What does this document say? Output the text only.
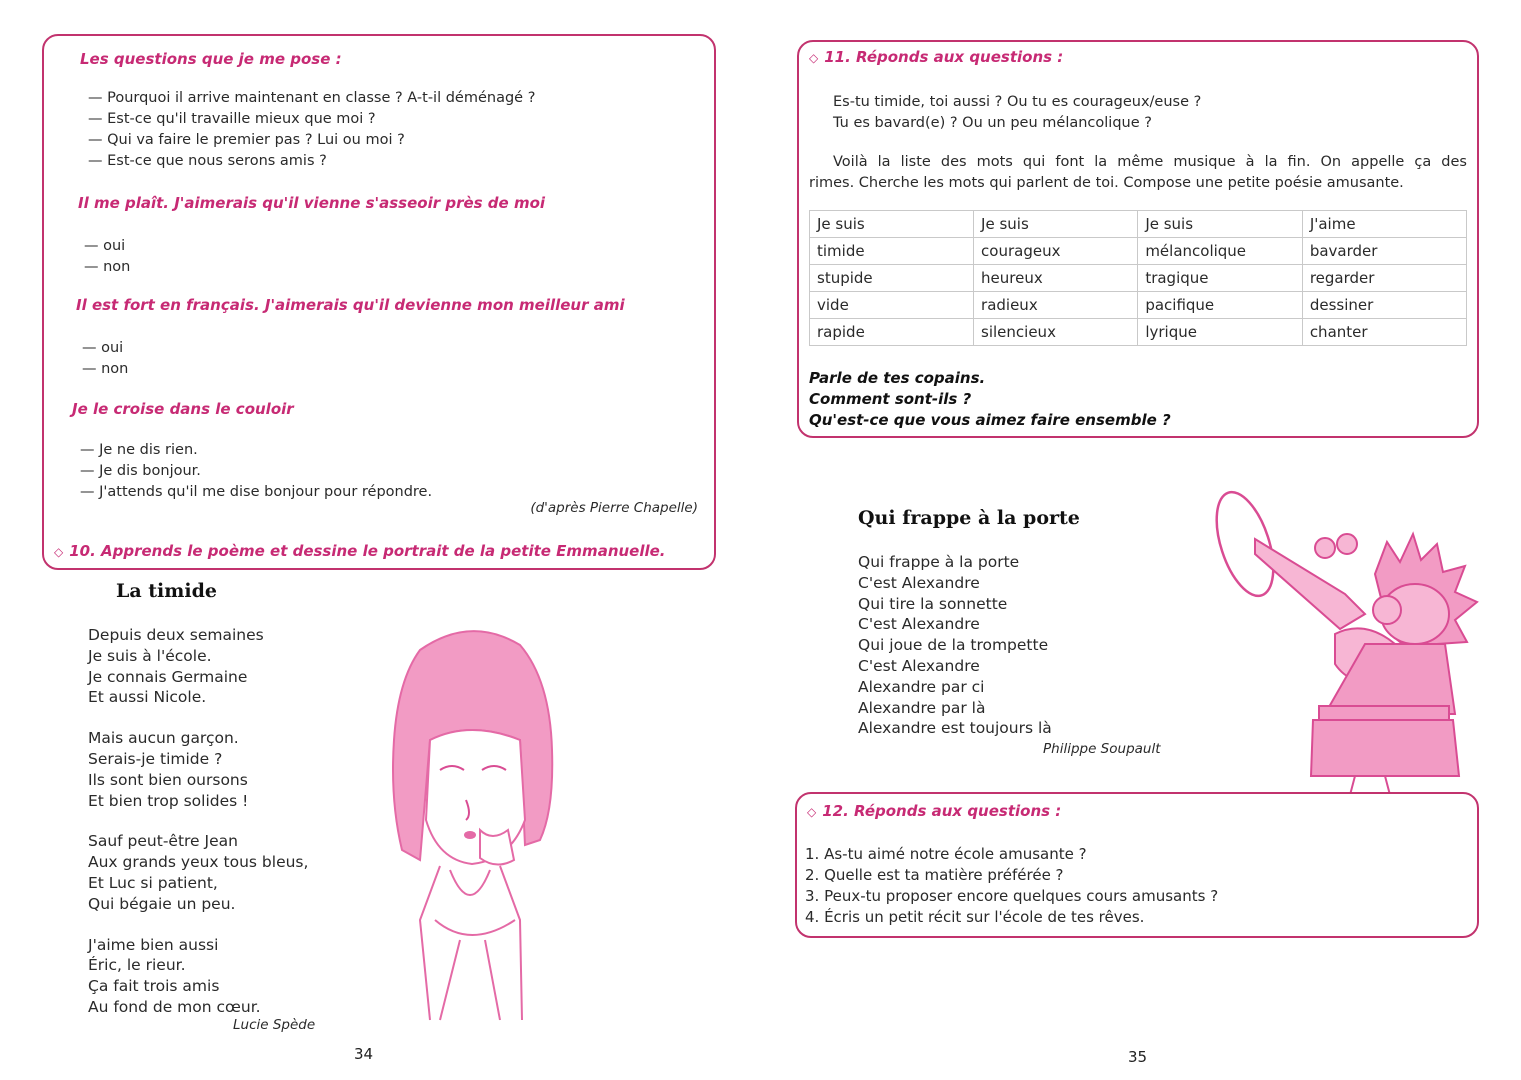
Les questions que je me pose :
— Pourquoi il arrive maintenant en classe ? A-t-il déménagé ?
— Est-ce qu'il travaille mieux que moi ?
— Qui va faire le premier pas ? Lui ou moi ?
— Est-ce que nous serons amis ?
Il me plaît. J'aimerais qu'il vienne s'asseoir près de moi
— oui
— non
Il est fort en français. J'aimerais qu'il devienne mon meilleur ami
— oui
— non
Je le croise dans le couloir
— Je ne dis rien.
— Je dis bonjour.
— J'attends qu'il me dise bonjour pour répondre.
(d'après Pierre Chapelle)
◇ 10. Apprends le poème et dessine le portrait de la petite Emmanuelle.
La timide
Depuis deux semaines
Je suis à l'école.
Je connais Germaine
Et aussi Nicole.
Mais aucun garçon.
Serais-je timide ?
Ils sont bien oursons
Et bien trop solides !
Sauf peut-être Jean
Aux grands yeux tous bleus,
Et Luc si patient,
Qui bégaie un peu.
J'aime bien aussi
Éric, le rieur.
Ça fait trois amis
Au fond de mon cœur.
Lucie Spède
34
◇ 11. Réponds aux questions :
Es-tu timide, toi aussi ? Ou tu es courageux/euse ?
Tu es bavard(e) ? Ou un peu mélancolique ?
Voilà la liste des mots qui font la même musique à la fin. On appelle ça des
rimes. Cherche les mots qui parlent de toi. Compose une petite poésie amusante.
Je suis	Je suis	Je suis	J'aime
timide	courageux	mélancolique	bavarder
stupide	heureux	tragique	regarder
vide	radieux	pacifique	dessiner
rapide	silencieux	lyrique	chanter
Parle de tes copains.
Comment sont-ils ?
Qu'est-ce que vous aimez faire ensemble ?
Qui frappe à la porte
Qui frappe à la porte
C'est Alexandre
Qui tire la sonnette
C'est Alexandre
Qui joue de la trompette
C'est Alexandre
Alexandre par ci
Alexandre par là
Alexandre est toujours là
Philippe Soupault
◇ 12. Réponds aux questions :
1. As-tu aimé notre école amusante ?
2. Quelle est ta matière préférée ?
3. Peux-tu proposer encore quelques cours amusants ?
4. Écris un petit récit sur l'école de tes rêves.
35
